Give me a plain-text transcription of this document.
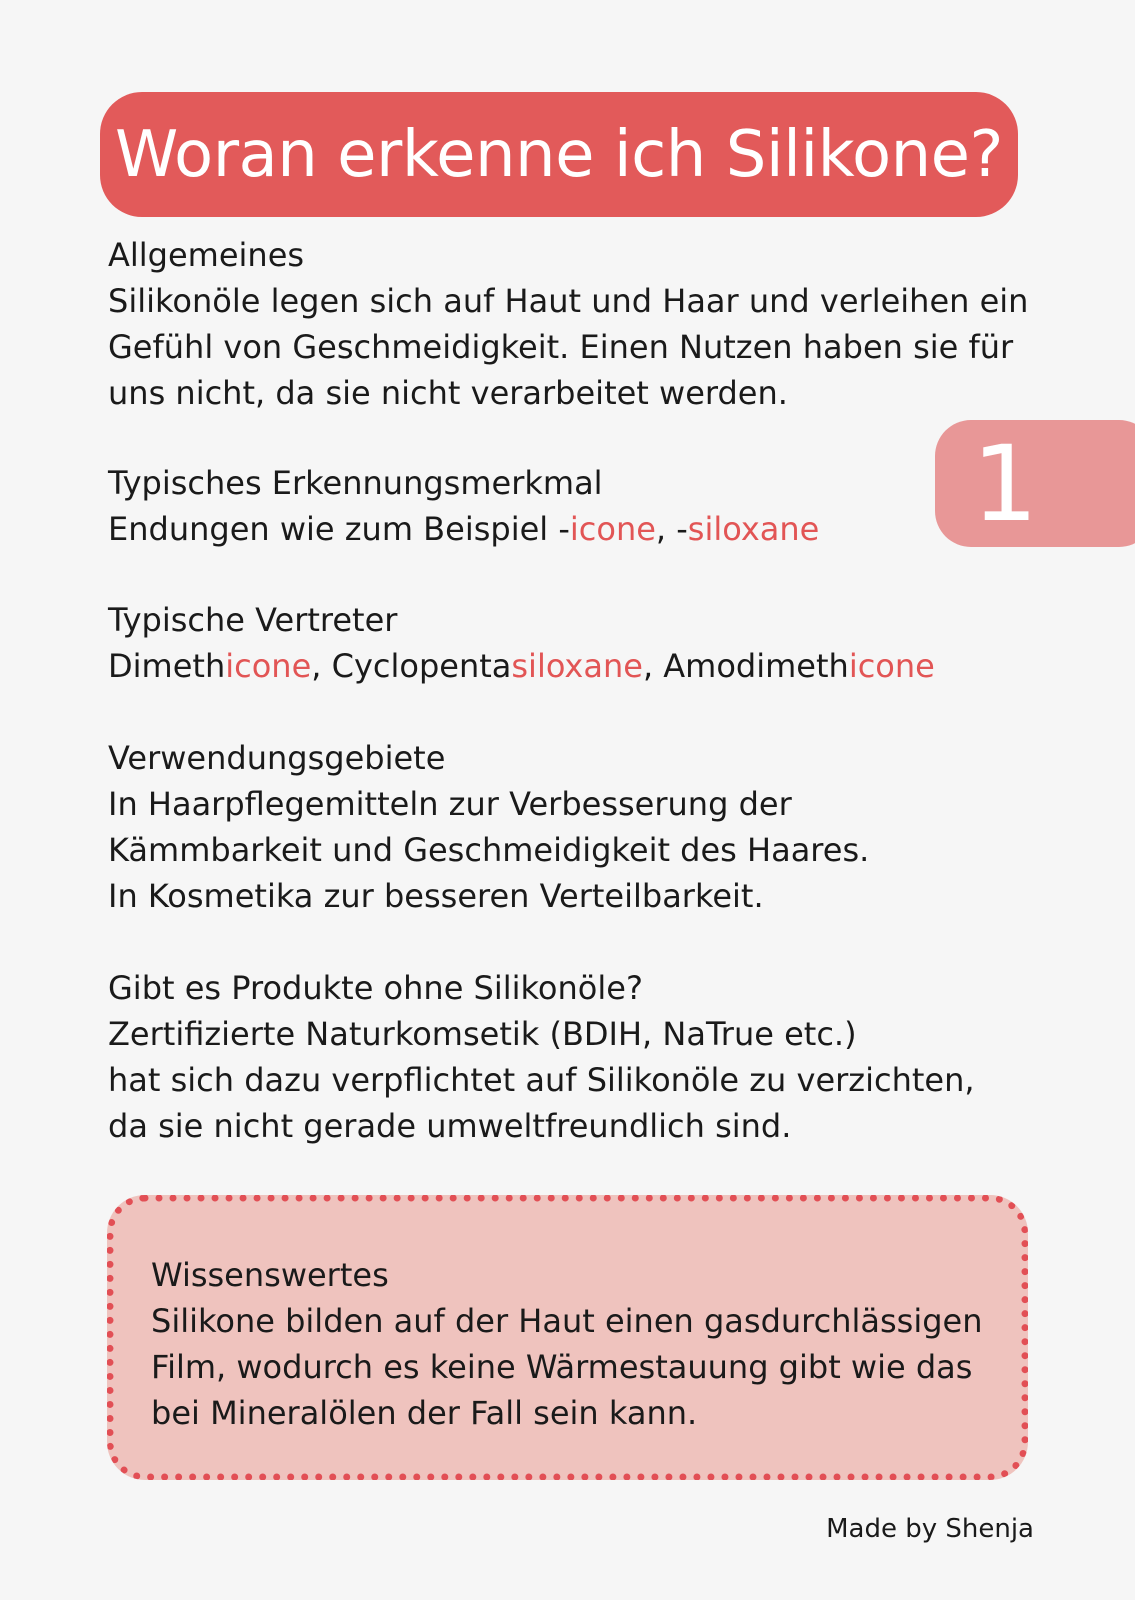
Woran erkenne ich Silikone?
1
Allgemeines
Silikonöle legen sich auf Haut und Haar und verleihen ein
Gefühl von Geschmeidigkeit. Einen Nutzen haben sie für
uns nicht, da sie nicht verarbeitet werden.
Typisches Erkennungsmerkmal
Endungen wie zum Beispiel -icone, -siloxane
Typische Vertreter
Dimethicone, Cyclopentasiloxane, Amodimethicone
Verwendungsgebiete
In Haarpflegemitteln zur Verbesserung der
Kämmbarkeit und Geschmeidigkeit des Haares.
In Kosmetika zur besseren Verteilbarkeit.
Gibt es Produkte ohne Silikonöle?
Zertifizierte Naturkomsetik (BDIH, NaTrue etc.)
hat sich dazu verpflichtet auf Silikonöle zu verzichten,
da sie nicht gerade umweltfreundlich sind.
Wissenswertes
Silikone bilden auf der Haut einen gasdurchlässigen
Film, wodurch es keine Wärmestauung gibt wie das
bei Mineralölen der Fall sein kann.
Made by Shenja
